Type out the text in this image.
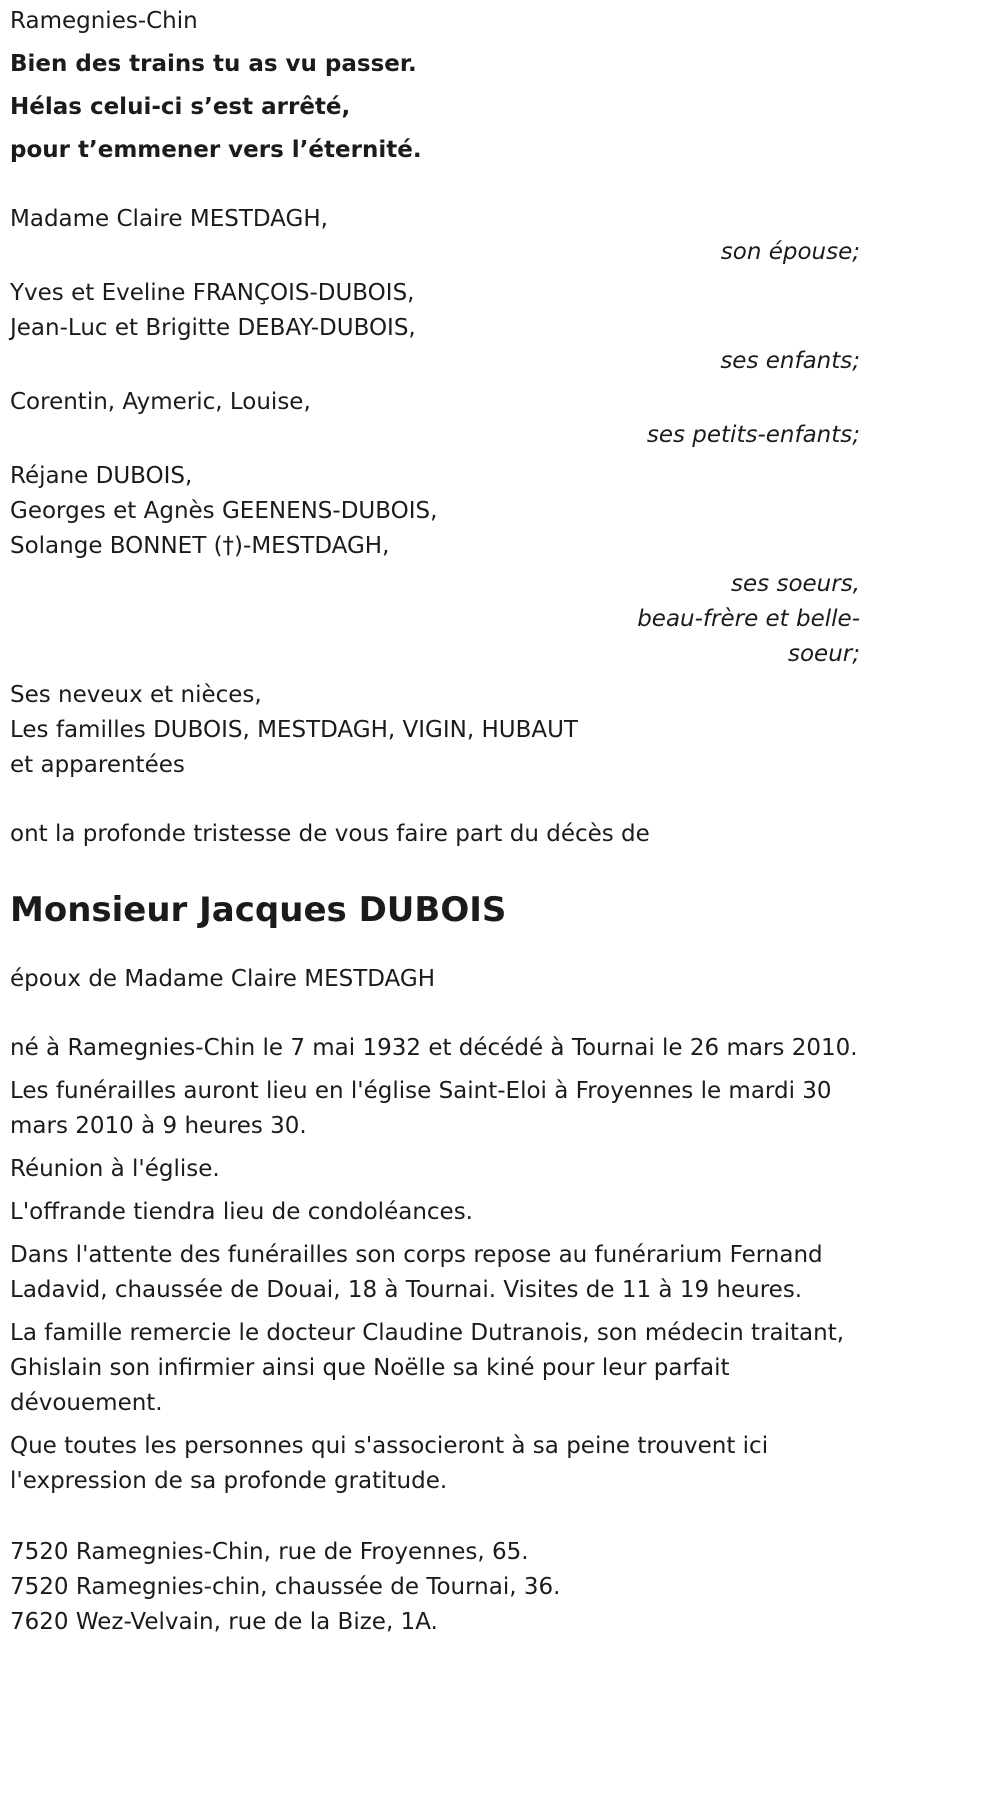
Ramegnies-Chin
Bien des trains tu as vu passer.
Hélas celui-ci s’est arrêté,
pour t’emmener vers l’éternité.
Madame Claire MESTDAGH,
son épouse;
Yves et Eveline FRANÇOIS-DUBOIS,
Jean-Luc et Brigitte DEBAY-DUBOIS,
ses enfants;
Corentin, Aymeric, Louise,
ses petits-enfants;
Réjane DUBOIS,
Georges et Agnès GEENENS-DUBOIS,
Solange BONNET (†)-MESTDAGH,
ses soeurs,
beau-frère et belle-
soeur;
Ses neveux et nièces,
Les familles DUBOIS, MESTDAGH, VIGIN, HUBAUT
et apparentées
ont la profonde tristesse de vous faire part du décès de
Monsieur Jacques DUBOIS
époux de Madame Claire MESTDAGH
né à Ramegnies-Chin le 7 mai 1932 et décédé à Tournai le 26 mars 2010.
Les funérailles auront lieu en l'église Saint-Eloi à Froyennes le mardi 30 mars 2010 à 9 heures 30.
Réunion à l'église.
L'offrande tiendra lieu de condoléances.
Dans l'attente des funérailles son corps repose au funérarium Fernand Ladavid, chaussée de Douai, 18 à Tournai. Visites de 11 à 19 heures.
La famille remercie le docteur Claudine Dutranois, son médecin traitant, Ghislain son infirmier ainsi que Noëlle sa kiné pour leur parfait dévouement.
Que toutes les personnes qui s'associeront à sa peine trouvent ici l'expression de sa profonde gratitude.
7520 Ramegnies-Chin, rue de Froyennes, 65.
7520 Ramegnies-chin, chaussée de Tournai, 36.
7620 Wez-Velvain, rue de la Bize, 1A.
